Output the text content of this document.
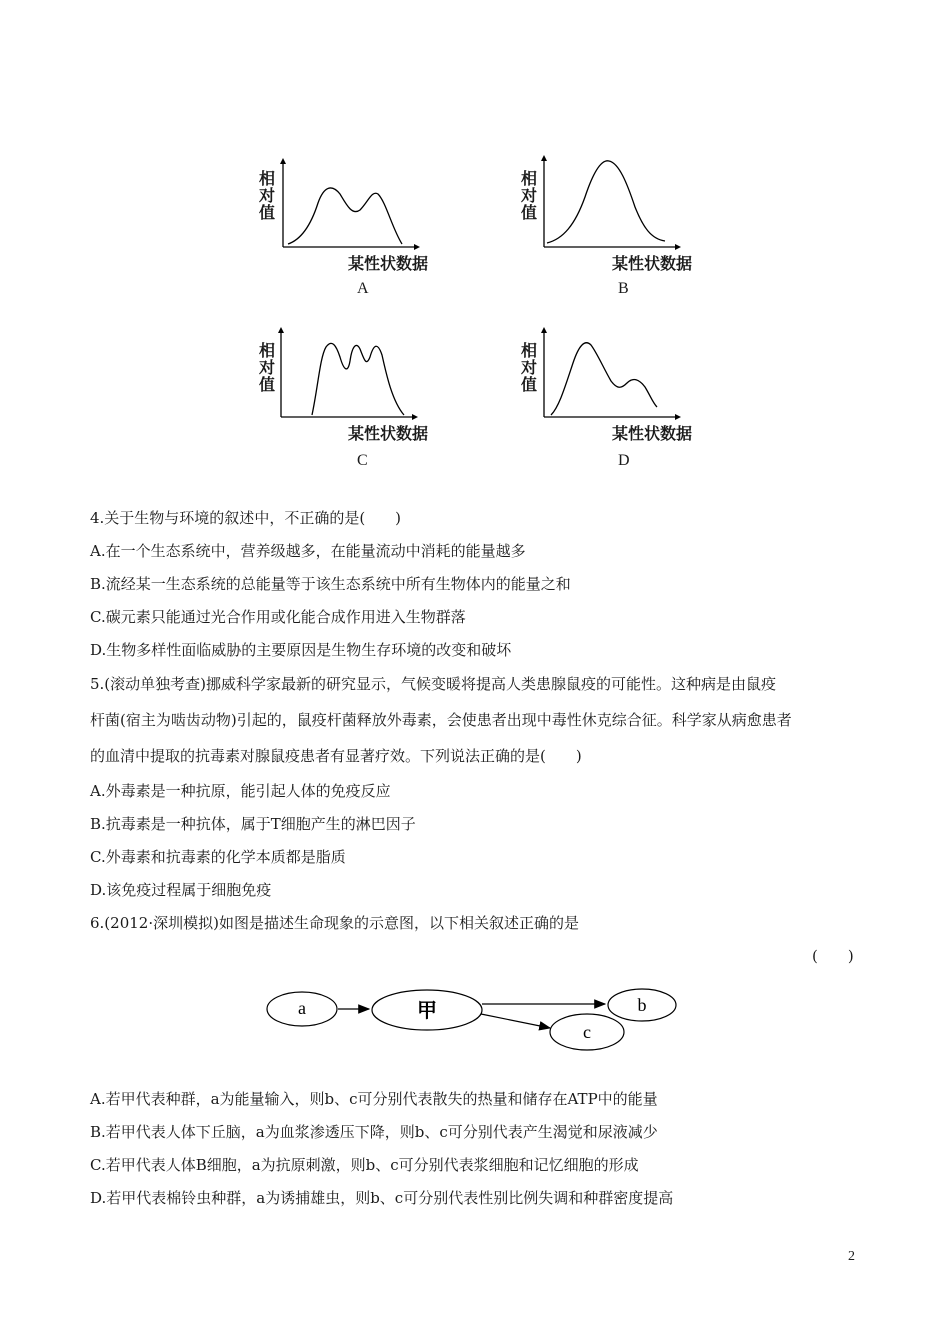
相
对
值
某性状数据
A
相
对
值
某性状数据
B
相
对
值
某性状数据
C
相
对
值
某性状数据
D
4.关于生物与环境的叙述中，不正确的是(　　)
A.在一个生态系统中，营养级越多，在能量流动中消耗的能量越多
B.流经某一生态系统的总能量等于该生态系统中所有生物体内的能量之和
C.碳元素只能通过光合作用或化能合成作用进入生物群落
D.生物多样性面临威胁的主要原因是生物生存环境的改变和破坏
5.(滚动单独考查)挪威科学家最新的研究显示，气候变暖将提高人类患腺鼠疫的可能性。这种病是由鼠疫
杆菌(宿主为啮齿动物)引起的，鼠疫杆菌释放外毒素，会使患者出现中毒性休克综合征。科学家从病愈患者
的血清中提取的抗毒素对腺鼠疫患者有显著疗效。下列说法正确的是(　　)
A.外毒素是一种抗原，能引起人体的免疫反应
B.抗毒素是一种抗体，属于T细胞产生的淋巴因子
C.外毒素和抗毒素的化学本质都是脂质
D.该免疫过程属于细胞免疫
6.(2012·深圳模拟)如图是描述生命现象的示意图，以下相关叙述正确的是
(　　)
a	甲	b
c
A.若甲代表种群，a为能量输入，则b、c可分别代表散失的热量和储存在ATP中的能量
B.若甲代表人体下丘脑，a为血浆渗透压下降，则b、c可分别代表产生渴觉和尿液减少
C.若甲代表人体B细胞，a为抗原刺激，则b、c可分别代表浆细胞和记忆细胞的形成
D.若甲代表棉铃虫种群，a为诱捕雄虫，则b、c可分别代表性别比例失调和种群密度提高
2
